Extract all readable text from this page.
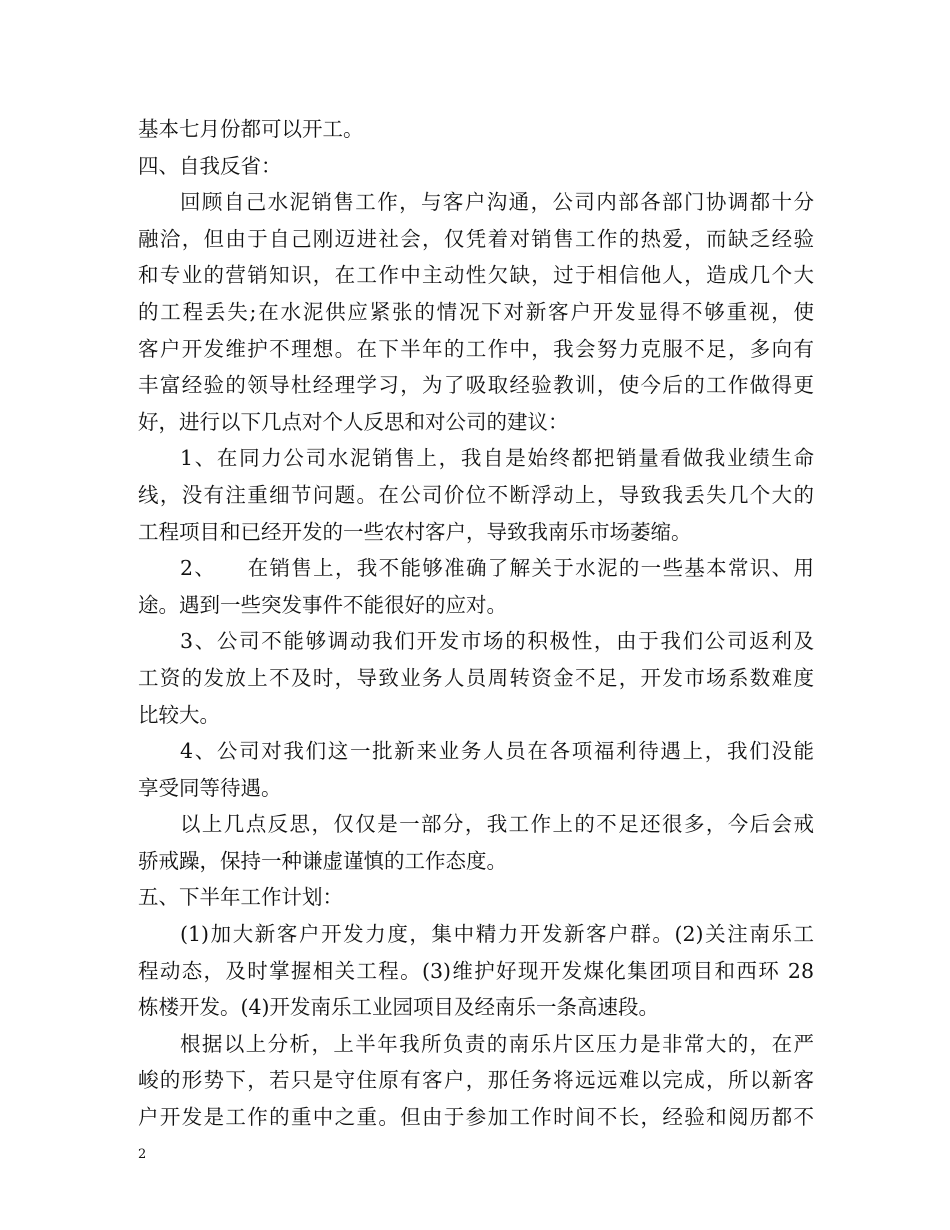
基本七月份都可以开工。
四、自我反省：
回顾自己水泥销售工作，与客户沟通，公司内部各部门协调都十分
融洽，但由于自己刚迈进社会，仅凭着对销售工作的热爱，而缺乏经验
和专业的营销知识，在工作中主动性欠缺，过于相信他人，造成几个大
的工程丢失;在水泥供应紧张的情况下对新客户开发显得不够重视，使
客户开发维护不理想。在下半年的工作中，我会努力克服不足，多向有
丰富经验的领导杜经理学习，为了吸取经验教训，使今后的工作做得更
好，进行以下几点对个人反思和对公司的建议：
1、在同力公司水泥销售上，我自是始终都把销量看做我业绩生命
线，没有注重细节问题。在公司价位不断浮动上，导致我丢失几个大的
工程项目和已经开发的一些农村客户，导致我南乐市场萎缩。
2、    在销售上，我不能够准确了解关于水泥的一些基本常识、用
途。遇到一些突发事件不能很好的应对。
3、公司不能够调动我们开发市场的积极性，由于我们公司返利及
工资的发放上不及时，导致业务人员周转资金不足，开发市场系数难度
比较大。
4、公司对我们这一批新来业务人员在各项福利待遇上，我们没能
享受同等待遇。
以上几点反思，仅仅是一部分，我工作上的不足还很多，今后会戒
骄戒躁，保持一种谦虚谨慎的工作态度。
五、下半年工作计划：
(1)加大新客户开发力度，集中精力开发新客户群。(2)关注南乐工
程动态，及时掌握相关工程。(3)维护好现开发煤化集团项目和西环 28
栋楼开发。(4)开发南乐工业园项目及经南乐一条高速段。
根据以上分析，上半年我所负责的南乐片区压力是非常大的，在严
峻的形势下，若只是守住原有客户，那任务将远远难以完成，所以新客
户开发是工作的重中之重。但由于参加工作时间不长，经验和阅历都不
2
